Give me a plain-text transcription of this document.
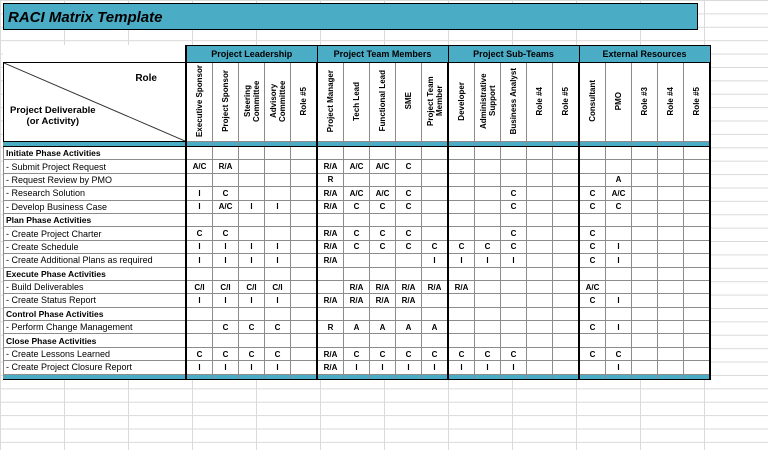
RACI Matrix Template
	Project Leadership					Project Team Members					Project Sub-Teams					External Resources				

Role
Project Deliverable
(or Activity)	Executive Sponsor	Project Sponsor	Steering Committee	Advisory Committee	Role #5	Project Manager	Tech Lead	Functional Lead	SME	Project Team Member	Developer	Administrative Support	Business Analyst	Role #4	Role #5	Consultant	PMO	Role #3	Role #4	Role #5

Initiate Phase Activities																				
- Submit Project Request	A/C	R/A				R/A	A/C	A/C	C											
- Request Review by PMO						R											A			
- Research Solution	I	C				R/A	A/C	A/C	C				C			C	A/C			
- Develop Business Case	I	A/C	I	I		R/A	C	C	C				C			C	C			
Plan Phase Activities																				
- Create Project Charter	C	C				R/A	C	C	C				C			C				
- Create Schedule	I	I	I	I		R/A	C	C	C	C	C	C	C			C	I			
- Create Additional Plans as required	I	I	I	I		R/A				I	I	I	I			C	I			
Execute Phase Activities																				
- Build Deliverables	C/I	C/I	C/I	C/I			R/A	R/A	R/A	R/A	R/A					A/C				
- Create Status Report	I	I	I	I		R/A	R/A	R/A	R/A							C	I			
Control Phase Activities																				
- Perform Change Management		C	C	C		R	A	A	A	A						C	I			
Close Phase Activities																				
- Create Lessons Learned	C	C	C	C		R/A	C	C	C	C	C	C	C			C	C			
- Create Project Closure Report	I	I	I	I		R/A	I	I	I	I	I	I	I				I			
